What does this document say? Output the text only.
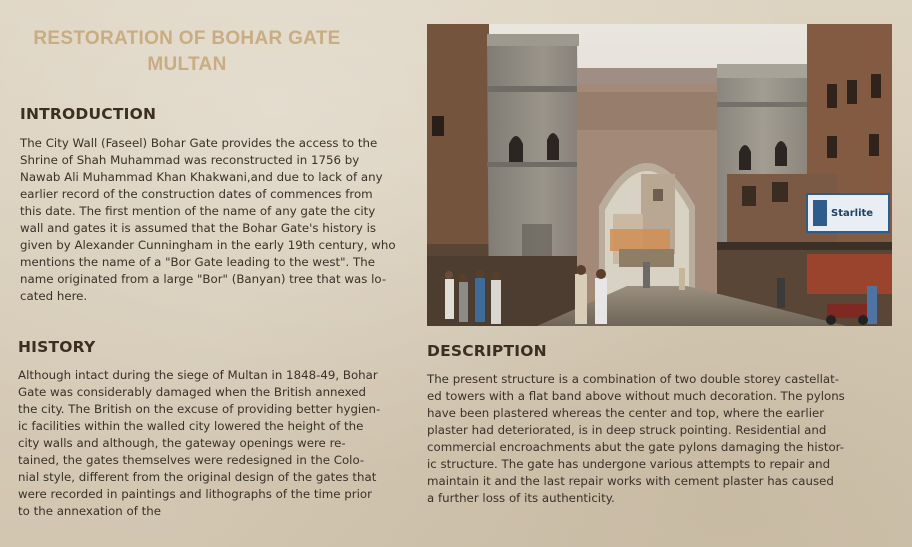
RESTORATION OF BOHAR GATE
MULTAN
INTRODUCTION
The City Wall (Faseel) Bohar Gate provides the access to the
Shrine of Shah Muhammad was reconstructed in 1756 by
Nawab Ali Muhammad Khan Khakwani,and due to lack of any
earlier record of the construction dates of commences from
this date. The first mention of the name of any gate the city
wall and gates it is assumed that the Bohar Gate's history is
given by Alexander Cunningham in the early 19th century, who
mentions the name of a "Bor Gate leading to the west". The
name originated from a large "Bor" (Banyan) tree that was lo-
cated here.
HISTORY
Although intact during the siege of Multan in 1848-49, Bohar
Gate was considerably damaged when the British annexed
the city. The British on the excuse of providing better hygien-
ic facilities within the walled city lowered the height of the
city walls and although, the gateway openings were re-
tained, the gates themselves were redesigned in the Colo-
nial style, different from the original design of the gates that
were recorded in paintings and lithographs of the time prior
to the annexation of the
DESCRIPTION
The present structure is a combination of two double storey castellat-
ed towers with a flat band above without much decoration. The pylons
have been plastered whereas the center and top, where the earlier
plaster had deteriorated, is in deep struck pointing. Residential and
commercial encroachments abut the gate pylons damaging the histor-
ic structure. The gate has undergone various attempts to repair and
maintain it and the last repair works with cement plaster has caused
a further loss of its authenticity.
Starlite
